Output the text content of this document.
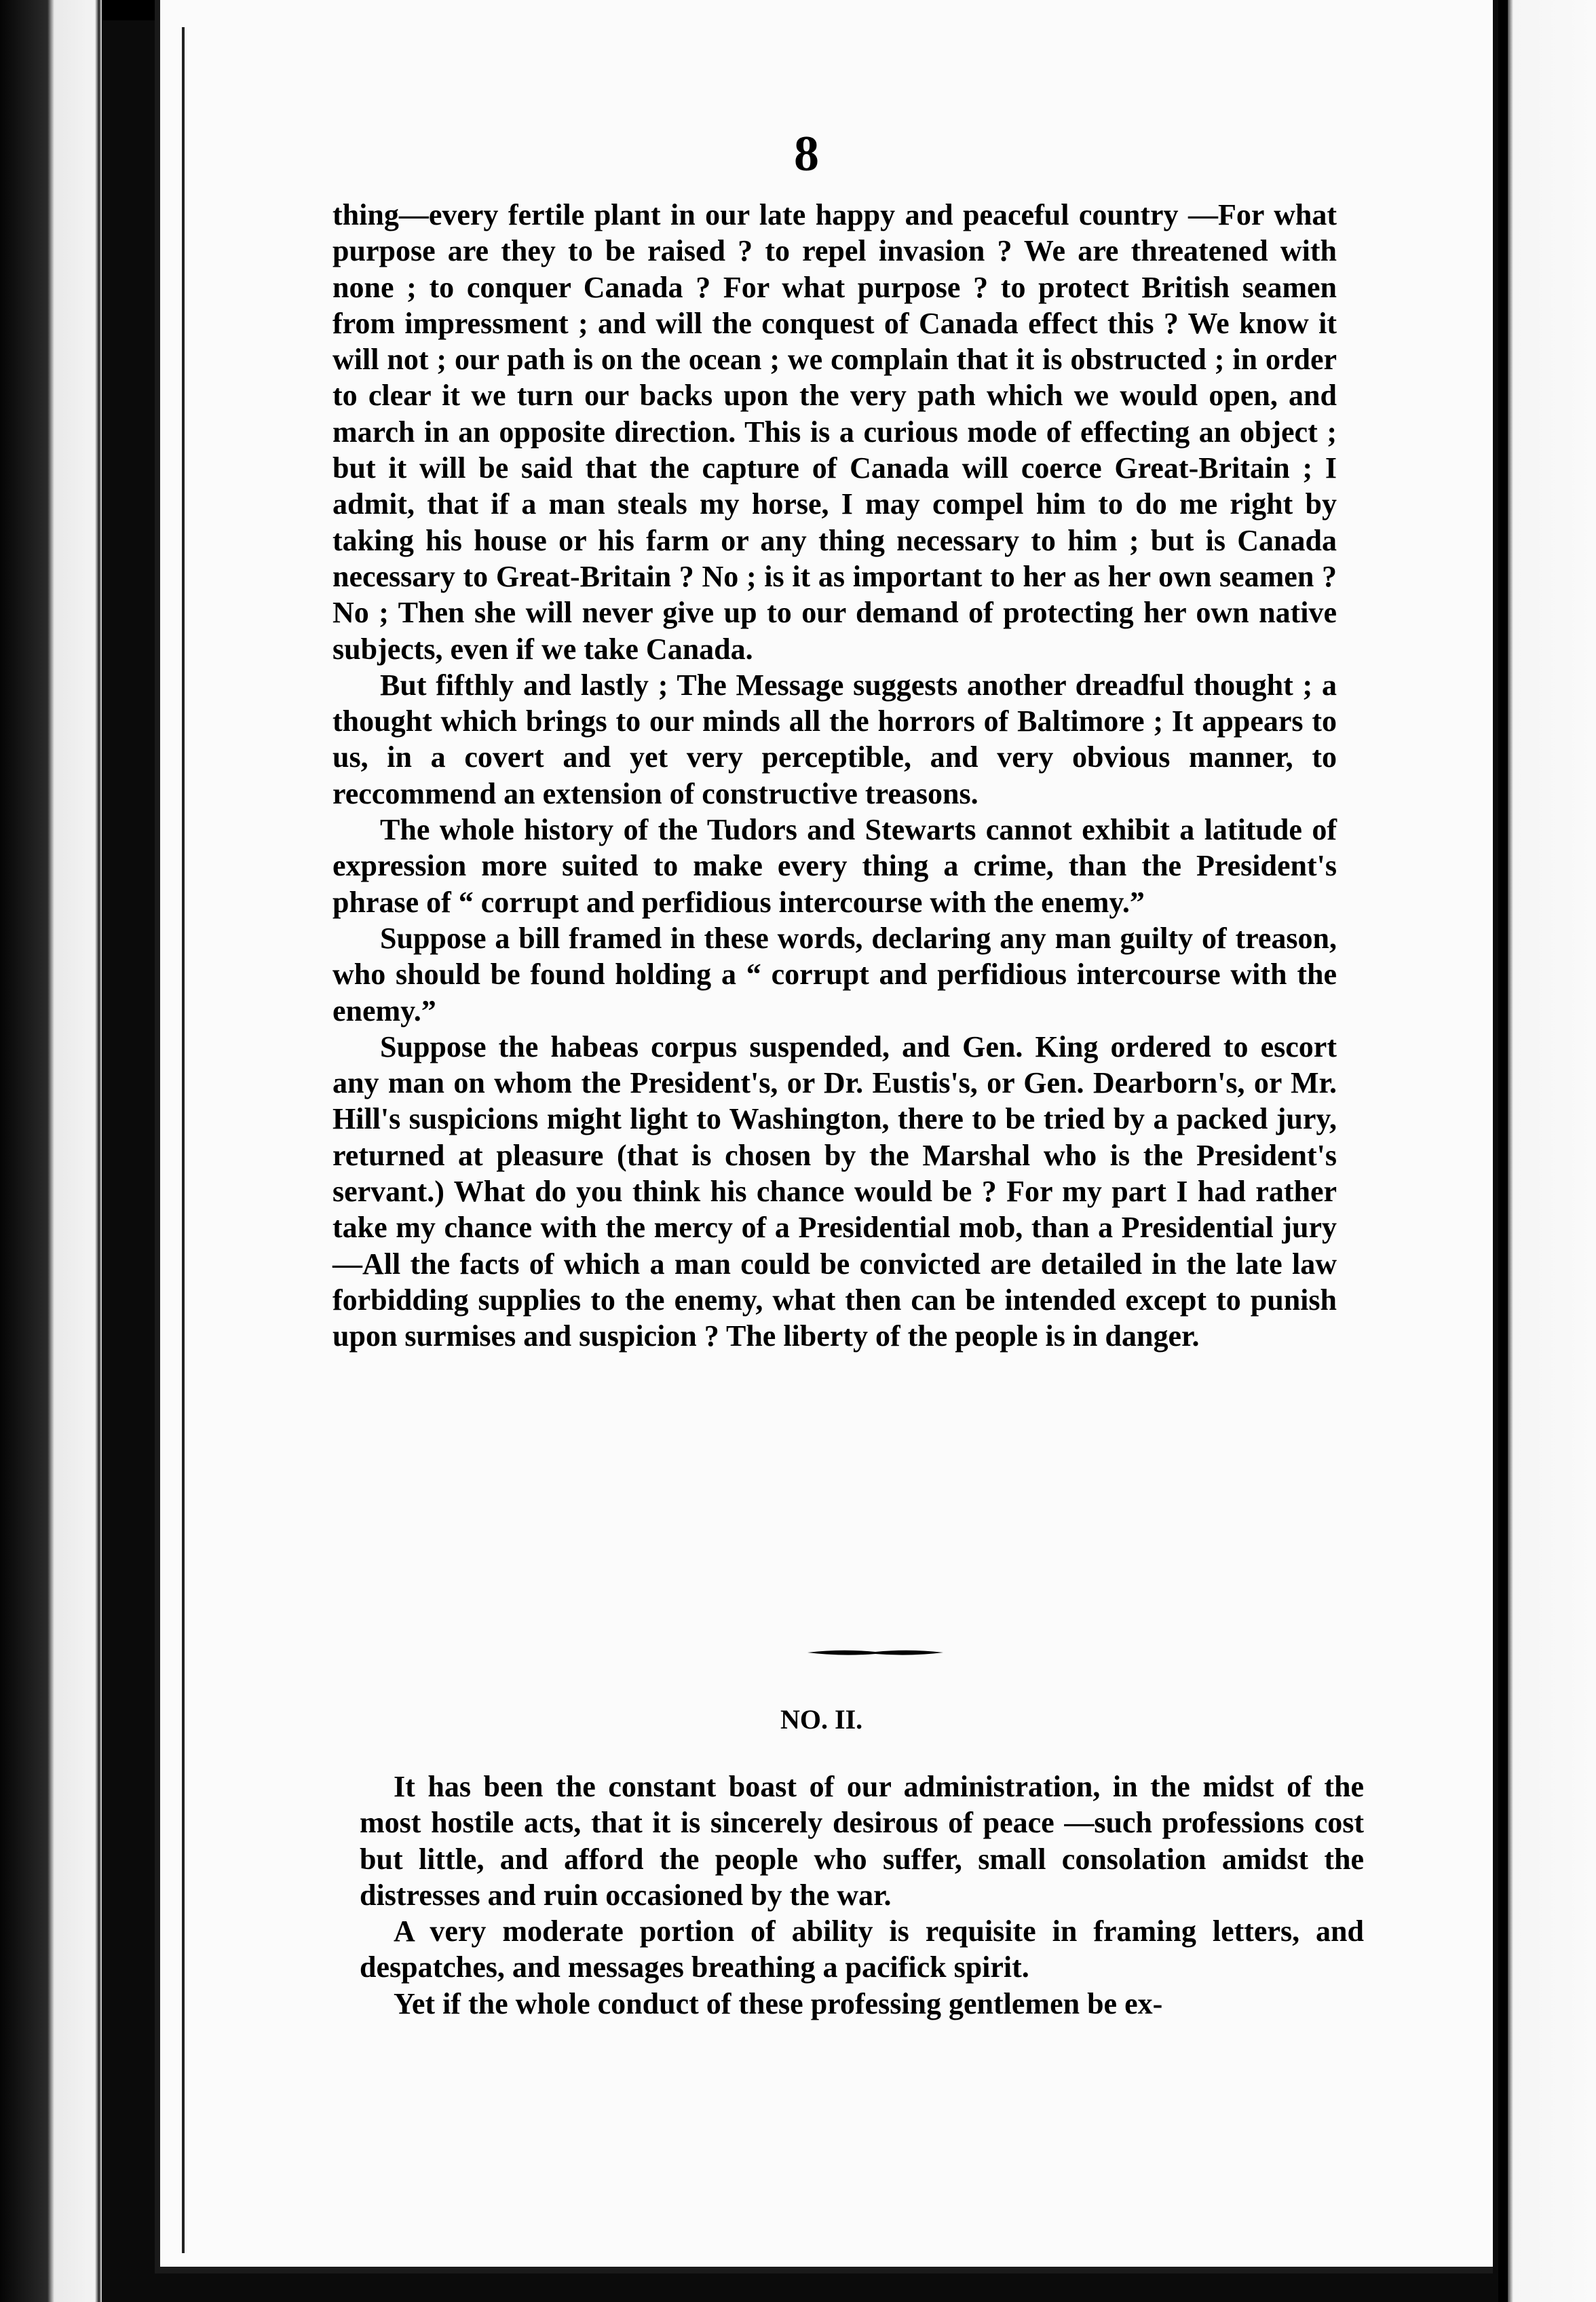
8

thing—every fertile plant in our late happy and peaceful country —For what purpose are they to be raised ? to repel invasion ? We are threatened with none ; to conquer Canada ? For what purpose ? to protect British seamen from impressment ; and will the conquest of Canada effect this ? We know it will not ; our path is on the ocean ; we complain that it is obstructed ; in order to clear it we turn our backs upon the very path which we would open, and march in an opposite direction. This is a curious mode of effecting an object ; but it will be said that the capture of Canada will coerce Great-Britain ; I admit, that if a man steals my horse, I may compel him to do me right by taking his house or his farm or any thing necessary to him ; but is Canada necessary to Great-Britain ? No ; is it as important to her as her own seamen ? No ; Then she will never give up to our demand of protecting her own native subjects, even if we take Canada.

But fifthly and lastly ; The Message suggests another dreadful thought ; a thought which brings to our minds all the horrors of Baltimore ; It appears to us, in a covert and yet very perceptible, and very obvious manner, to reccommend an extension of constructive treasons.

The whole history of the Tudors and Stewarts cannot exhibit a latitude of expression more suited to make every thing a crime, than the President's phrase of “ corrupt and perfidious intercourse with the enemy.”

Suppose a bill framed in these words, declaring any man guilty of treason, who should be found holding a “ corrupt and perfidious intercourse with the enemy.”

Suppose the habeas corpus suspended, and Gen. King ordered to escort any man on whom the President's, or Dr. Eustis's, or Gen. Dearborn's, or Mr. Hill's suspicions might light to Washington, there to be tried by a packed jury, returned at pleasure (that is chosen by the Marshal who is the President's servant.) What do you think his chance would be ? For my part I had rather take my chance with the mercy of a Presidential mob, than a Presidential jury—All the facts of which a man could be convicted are detailed in the late law forbidding supplies to the enemy, what then can be intended except to punish upon surmises and suspicion ? The liberty of the people is in danger.

NO. II.

It has been the constant boast of our administration, in the midst of the most hostile acts, that it is sincerely desirous of peace —such professions cost but little, and afford the people who suffer, small consolation amidst the distresses and ruin occasioned by the war.

A very moderate portion of ability is requisite in framing letters, and despatches, and messages breathing a pacifick spirit.

Yet if the whole conduct of these professing gentlemen be ex-
